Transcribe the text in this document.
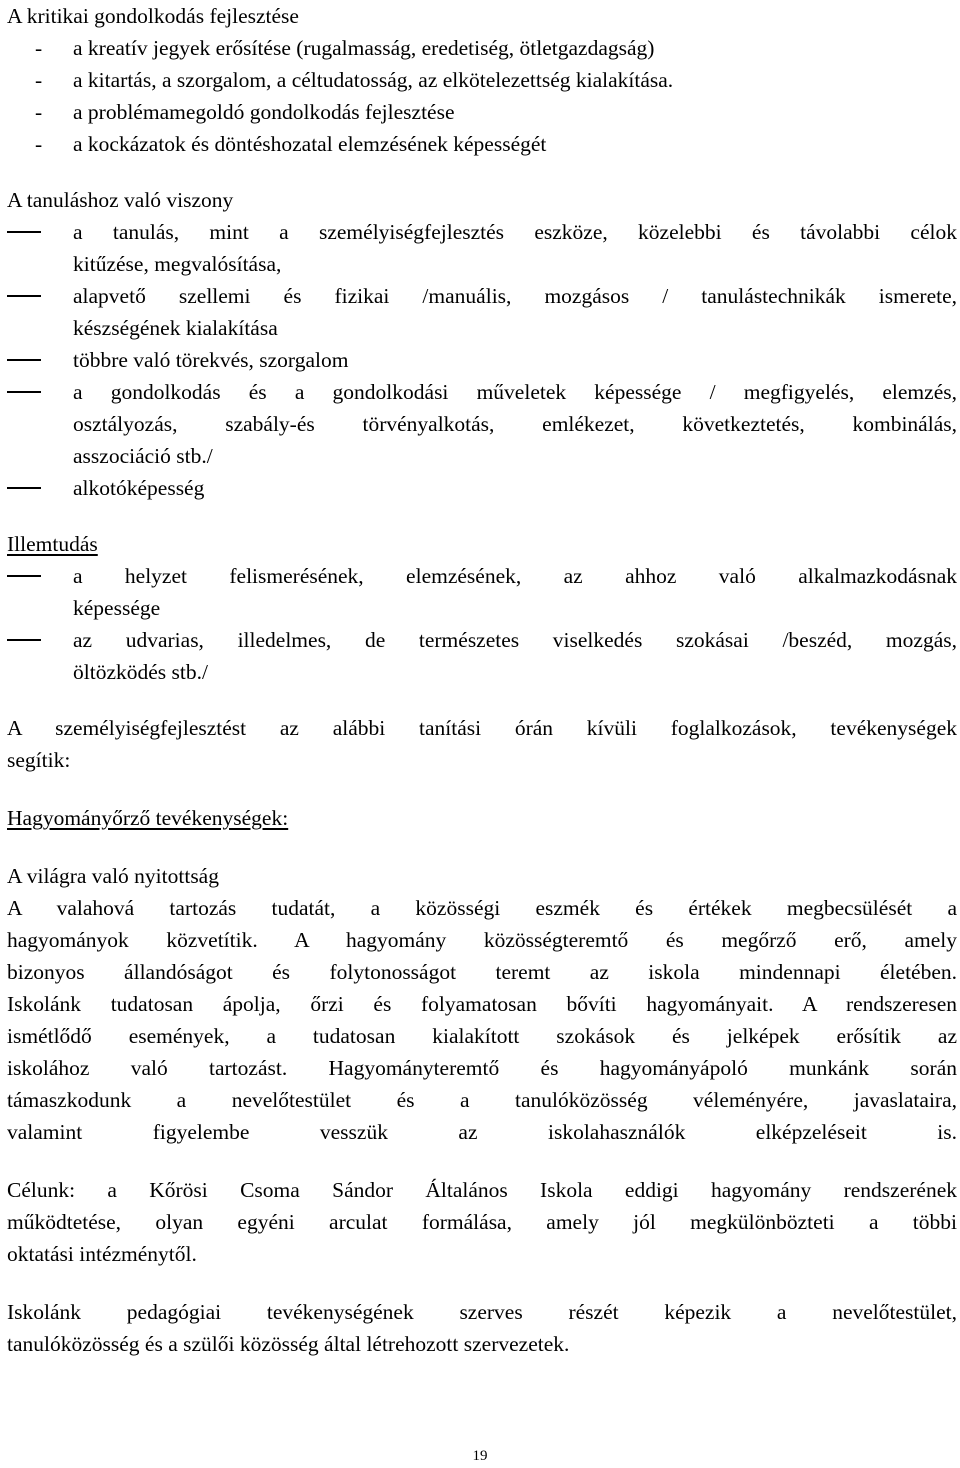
A kritikai gondolkodás fejlesztése
- a kreatív jegyek erősítése (rugalmasság, eredetiség, ötletgazdagság)
- a kitartás, a szorgalom, a céltudatosság, az elkötelezettség kialakítása.
- a problémamegoldó gondolkodás fejlesztése
- a kockázatok és döntéshozatal elemzésének képességét
A tanuláshoz való viszony
a tanulás, mint a személyiségfejlesztés eszköze, közelebbi és távolabbi célok
kitűzése, megvalósítása,
alapvető szellemi és fizikai /manuális, mozgásos / tanulástechnikák ismerete,
készségének kialakítása
többre való törekvés, szorgalom
a gondolkodás és a gondolkodási műveletek képessége / megfigyelés, elemzés,
osztályozás, szabály-és törvényalkotás, emlékezet, következtetés, kombinálás,
asszociáció stb./
alkotóképesség
Illemtudás
a helyzet felismerésének, elemzésének, az ahhoz való alkalmazkodásnak
képessége
az udvarias, illedelmes, de természetes viselkedés szokásai /beszéd, mozgás,
öltözködés stb./
A személyiségfejlesztést az alábbi tanítási órán kívüli foglalkozások, tevékenységek
segítik:
Hagyományőrző tevékenységek:
A világra való nyitottság
A valahová tartozás tudatát, a közösségi eszmék és értékek megbecsülését a
hagyományok közvetítik. A hagyomány közösségteremtő és megőrző erő, amely
bizonyos állandóságot és folytonosságot teremt az iskola mindennapi életében.
Iskolánk tudatosan ápolja, őrzi és folyamatosan bővíti hagyományait. A rendszeresen
ismétlődő események, a tudatosan kialakított szokások és jelképek erősítik az
iskolához való tartozást. Hagyományteremtő és hagyományápoló munkánk során
támaszkodunk a nevelőtestület és a tanulóközösség véleményére, javaslataira,
valamint figyelembe vesszük az iskolahasználók elképzeléseit is.
Célunk: a Kőrösi Csoma Sándor Általános Iskola eddigi hagyomány rendszerének
működtetése, olyan egyéni arculat formálása, amely jól megkülönbözteti a többi
oktatási intézménytől.
Iskolánk pedagógiai tevékenységének szerves részét képezik a nevelőtestület,
tanulóközösség és a szülői közösség által létrehozott szervezetek.
19
